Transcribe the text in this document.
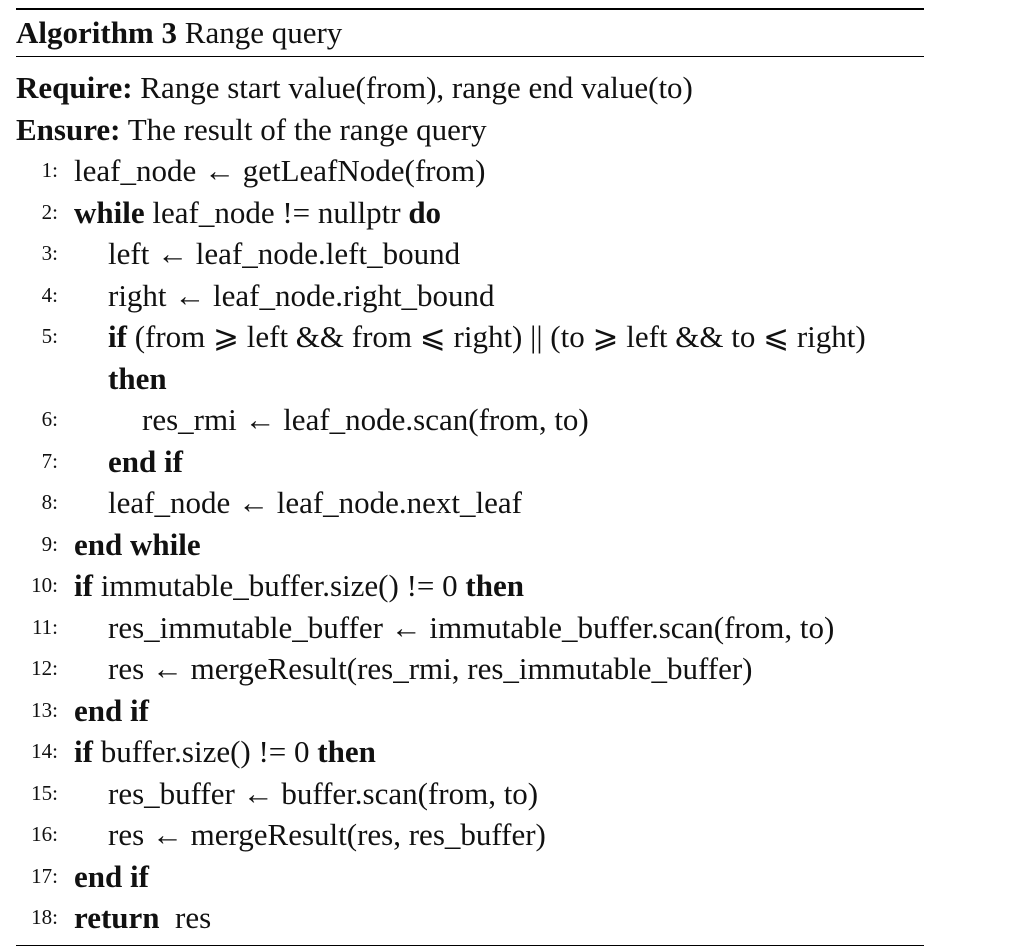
Algorithm 3 Range query
Require: Range start value(from), range end value(to)
Ensure: The result of the range query
1: leaf_node ← getLeafNode(from)
2: while leaf_node != nullptr do
3: left ← leaf_node.left_bound
4: right ← leaf_node.right_bound
5: if (from ⩾ left && from ⩽ right) || (to ⩾ left && to ⩽ right)
then
6:	res_rmi ← leaf_node.scan(from, to)
7: end if
8: leaf_node ← leaf_node.next_leaf
9: end while
10: if immutable_buffer.size() != 0 then
11: res_immutable_buffer ← immutable_buffer.scan(from, to)
12: res ← mergeResult(res_rmi, res_immutable_buffer)
13: end if
14: if buffer.size() != 0 then
15: res_buffer ← buffer.scan(from, to)
16: res ← mergeResult(res, res_buffer)
17: end if
18: return  res
